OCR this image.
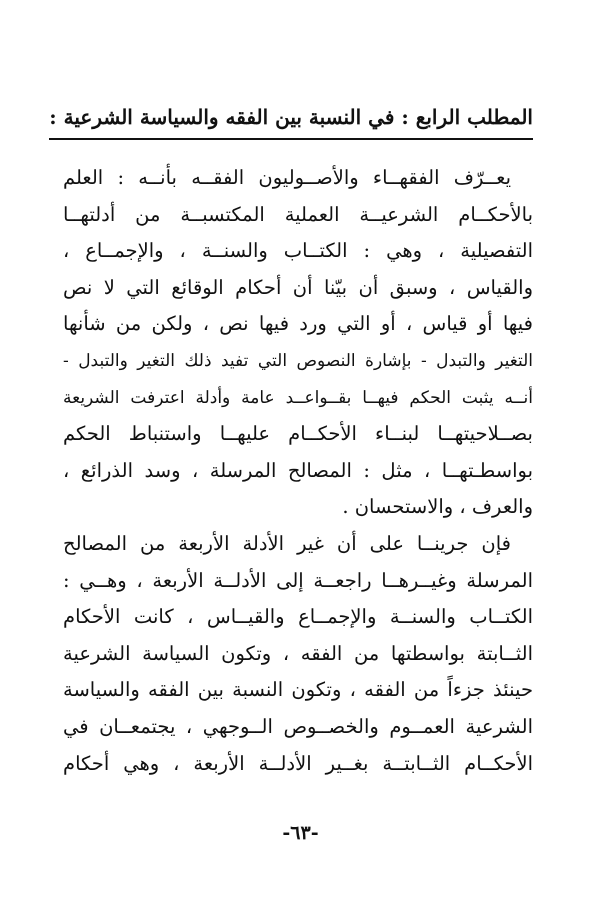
المطلب الرابع : في النسبة بين الفقه والسياسة الشرعية :
يعــرّف الفقهــاء والأصــوليون الفقــه بأنــه : العلم
بالأحكــام الشرعيــة العملية المكتسبــة من أدلتهــا
التفصيلية ، وهي : الكتــاب والسنــة ، والإجمــاع ،
والقياس ، وسبق أن بيّنا أن أحكام الوقائع التي لا نص
فيها أو قياس ، أو التي ورد فيها نص ، ولكن من شأنها
التغير والتبدل - بإشارة النصوص التي تفيد ذلك التغير والتبدل -
أنــه يثبت الحكم فيهــا بقــواعــد عامة وأدلة اعترفت الشريعة
بصــلاحيتهــا لبنــاء الأحكــام عليهــا واستنباط الحكم
بواسطـتهــا ، مثل : المصالح المرسلة ، وسد الذرائع ،
والعرف ، والاستحسان .
فإن جرينــا على أن غير الأدلة الأربعة من المصالح
المرسلة وغيــرهــا راجعــة إلى الأدلــة الأربعة ، وهــي :
الكتــاب والسنــة والإجمــاع والقيــاس ، كانت الأحكام
الثــابتة بواسطتها من الفقه ، وتكون السياسة الشرعية
حينئذ جزءاً من الفقه ، وتكون النسبة بين الفقه والسياسة
الشرعية العمــوم والخصــوص الــوجهي ، يجتمعــان في
الأحكــام الثــابتــة بغــير الأدلــة الأربعة ، وهي أحكام
-٦٣-
